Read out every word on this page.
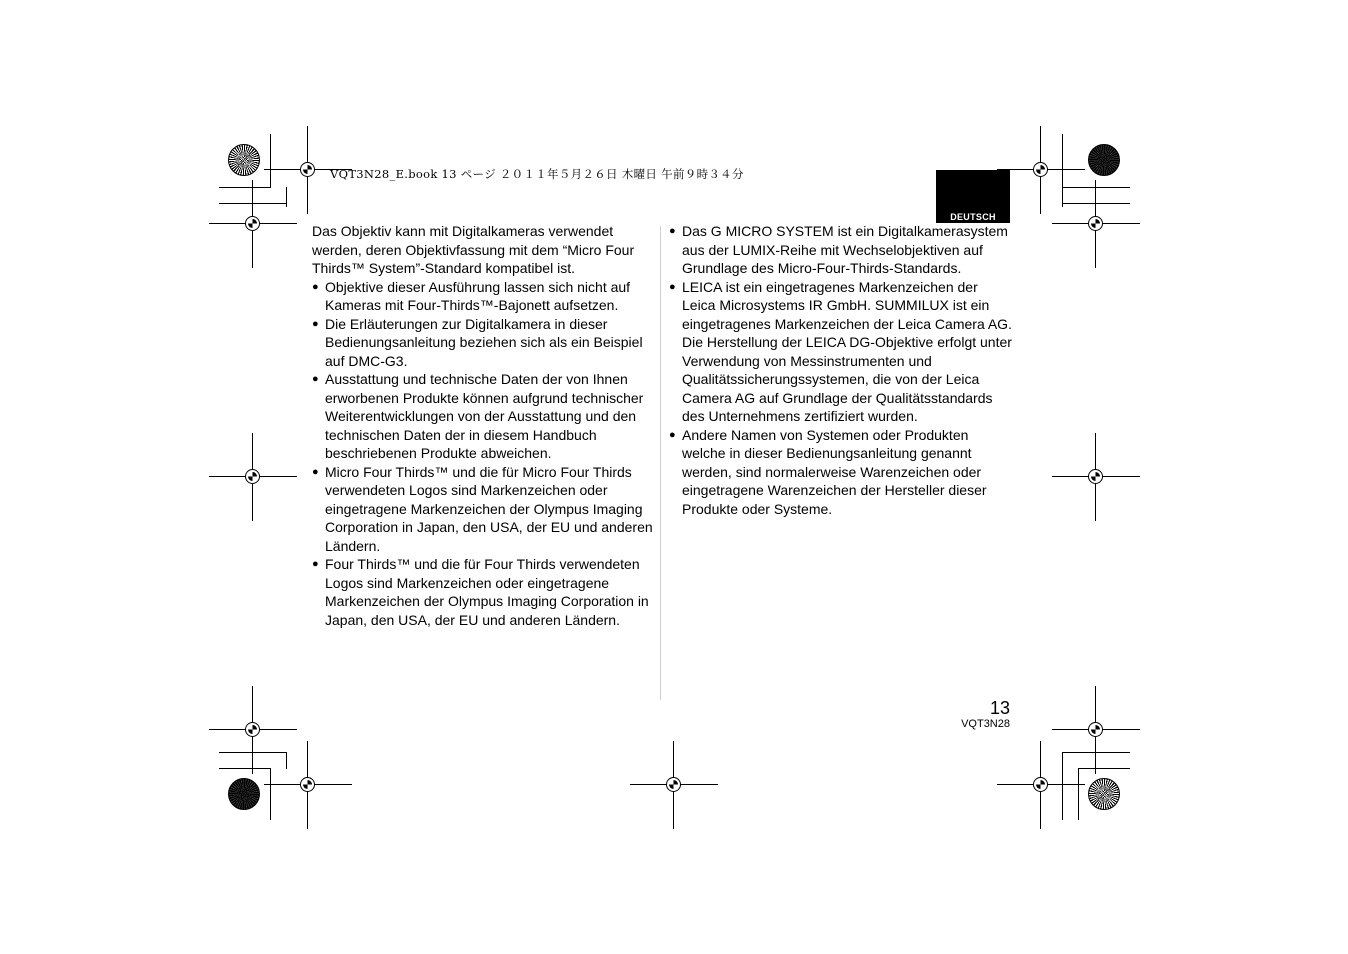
VQT3N28_E.book 13 ページ ２０１１年５月２６日 木曜日 午前９時３４分
DEUTSCH

Das Objektiv kann mit Digitalkameras verwendet werden, deren Objektivfassung mit dem “Micro Four Thirds™ System”-Standard kompatibel ist.

● Objektive dieser Ausführung lassen sich nicht auf Kameras mit Four-Thirds™-Bajonett aufsetzen.
● Die Erläuterungen zur Digitalkamera in dieser Bedienungsanleitung beziehen sich als ein Beispiel auf DMC-G3.
● Ausstattung und technische Daten der von Ihnen erworbenen Produkte können aufgrund technischer Weiterentwicklungen von der Ausstattung und den technischen Daten der in diesem Handbuch beschriebenen Produkte abweichen.
● Micro Four Thirds™ und die für Micro Four Thirds verwendeten Logos sind Markenzeichen oder eingetragene Markenzeichen der Olympus Imaging Corporation in Japan, den USA, der EU und anderen Ländern.
● Four Thirds™ und die für Four Thirds verwendeten Logos sind Markenzeichen oder eingetragene Markenzeichen der Olympus Imaging Corporation in Japan, den USA, der EU und anderen Ländern.
● Das G MICRO SYSTEM ist ein Digitalkamerasystem aus der LUMIX-Reihe mit Wechselobjektiven auf Grundlage des Micro-Four-Thirds-Standards.
● LEICA ist ein eingetragenes Markenzeichen der Leica Microsystems IR GmbH. SUMMILUX ist ein eingetragenes Markenzeichen der Leica Camera AG. Die Herstellung der LEICA DG-Objektive erfolgt unter Verwendung von Messinstrumenten und Qualitätssicherungssystemen, die von der Leica Camera AG auf Grundlage der Qualitätsstandards des Unternehmens zertifiziert wurden.
● Andere Namen von Systemen oder Produkten welche in dieser Bedienungsanleitung genannt werden, sind normalerweise Warenzeichen oder eingetragene Warenzeichen der Hersteller dieser Produkte oder Systeme.
13
VQT3N28
